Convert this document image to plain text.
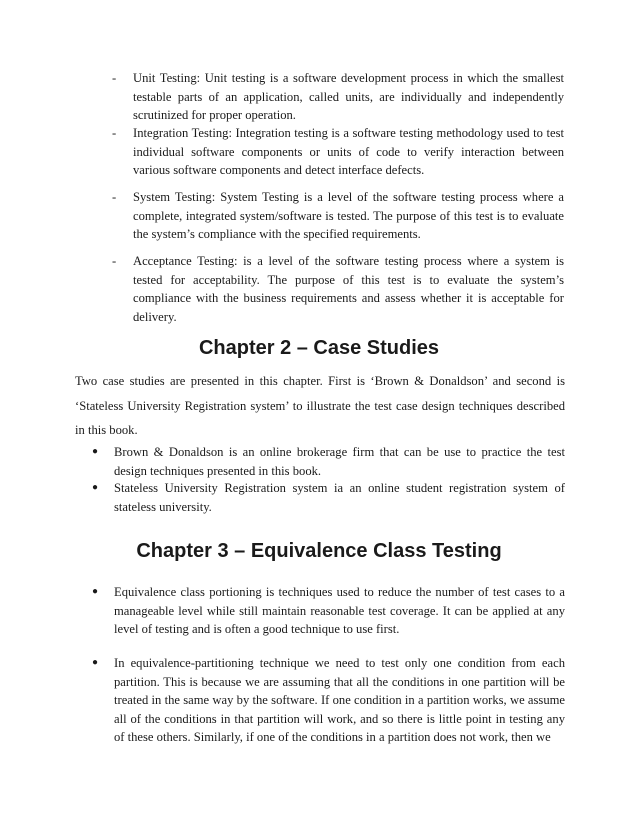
- Unit Testing: Unit testing is a software development process in which the smallest testable parts of an application, called units, are individually and independently scrutinized for proper operation.
- Integration Testing: Integration testing is a software testing methodology used to test individual software components or units of code to verify interaction between various software components and detect interface defects.
- System Testing: System Testing is a level of the software testing process where a complete, integrated system/software is tested. The purpose of this test is to evaluate the system’s compliance with the specified requirements.
- Acceptance Testing: is a level of the software testing process where a system is tested for acceptability. The purpose of this test is to evaluate the system’s compliance with the business requirements and assess whether it is acceptable for delivery.
Chapter 2 – Case Studies

Two case studies are presented in this chapter. First is ‘Brown & Donaldson’ and second is ‘Stateless University Registration system’ to illustrate the test case design techniques described in this book.

● Brown & Donaldson is an online brokerage firm that can be use to practice the test design techniques presented in this book.
● Stateless University Registration system ia an online student registration system of stateless university.
Chapter 3 – Equivalence Class Testing
● Equivalence class portioning is techniques used to reduce the number of test cases to a manageable level while still maintain reasonable test coverage. It can be applied at any level of testing and is often a good technique to use first.
● In equivalence-partitioning technique we need to test only one condition from each partition. This is because we are assuming that all the conditions in one partition will be treated in the same way by the software. If one condition in a partition works, we assume all of the conditions in that partition will work, and so there is little point in testing any of these others. Similarly, if one of the conditions in a partition does not work, then we
